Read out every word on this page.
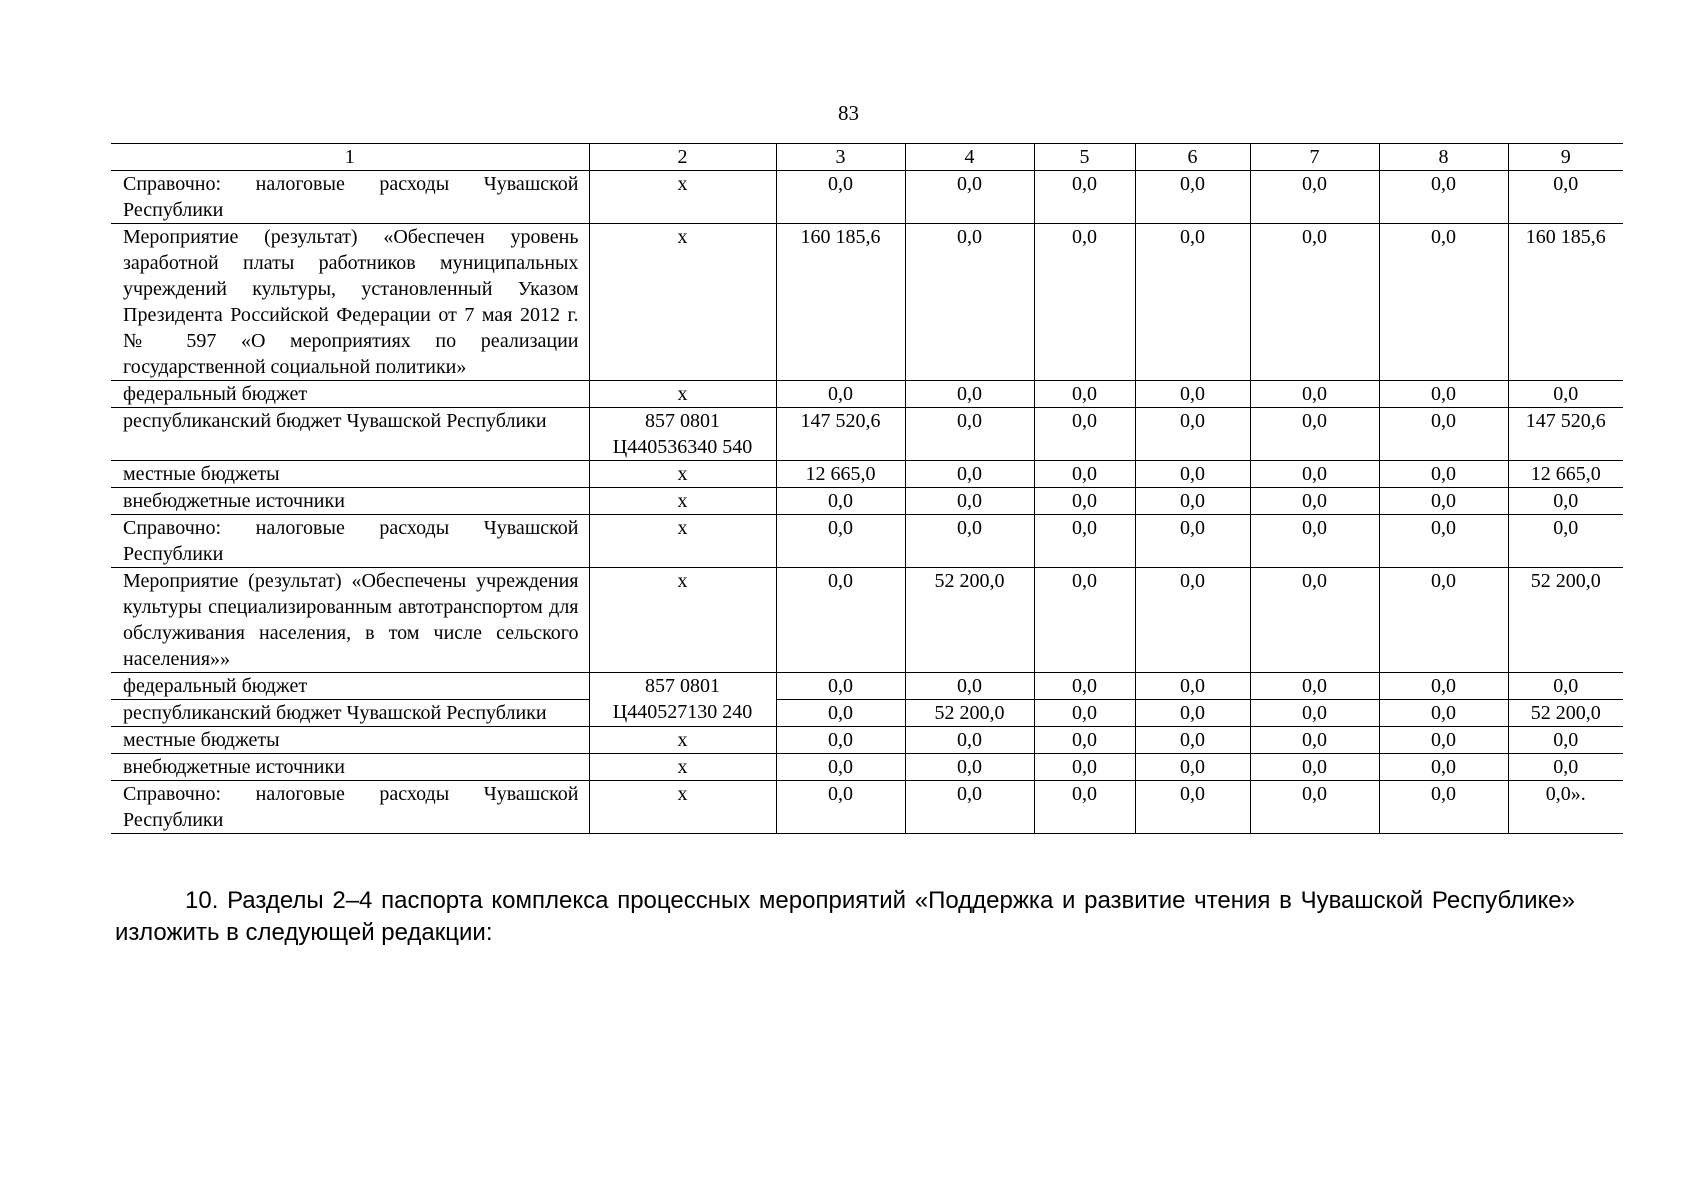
83
1	2	3	4	5	6	7	8	9
Справочно: налоговые расходы Чувашской Республики	х	0,0	0,0	0,0	0,0	0,0	0,0	0,0
Мероприятие (результат) «Обеспечен уровень заработной платы работников муниципальных учреждений культуры, установленный Указом Президента Российской Федерации от 7 мая 2012 г. № 597 «О мероприятиях по реализации государственной социальной политики»	х	160 185,6	0,0	0,0	0,0	0,0	0,0	160 185,6
федеральный бюджет	х	0,0	0,0	0,0	0,0	0,0	0,0	0,0
республиканский бюджет Чувашской Республики	857 0801 Ц440536340 540	147 520,6	0,0	0,0	0,0	0,0	0,0	147 520,6
местные бюджеты	х	12 665,0	0,0	0,0	0,0	0,0	0,0	12 665,0
внебюджетные источники	х	0,0	0,0	0,0	0,0	0,0	0,0	0,0
Справочно: налоговые расходы Чувашской Республики	х	0,0	0,0	0,0	0,0	0,0	0,0	0,0
Мероприятие (результат) «Обеспечены учреждения культуры специализированным автотранспортом для обслуживания населения, в том числе сельского населения»»	х	0,0	52 200,0	0,0	0,0	0,0	0,0	52 200,0
федеральный бюджет	857 0801 Ц440527130 240	0,0	0,0	0,0	0,0	0,0	0,0	0,0
республиканский бюджет Чувашской Республики		0,0	52 200,0	0,0	0,0	0,0	0,0	52 200,0
местные бюджеты	х	0,0	0,0	0,0	0,0	0,0	0,0	0,0
внебюджетные источники	х	0,0	0,0	0,0	0,0	0,0	0,0	0,0
Справочно: налоговые расходы Чувашской Республики	х	0,0	0,0	0,0	0,0	0,0	0,0	0,0».
10. Разделы 2–4 паспорта комплекса процессных мероприятий «Поддержка и развитие чтения в Чувашской Республике» изложить в следующей редакции:
